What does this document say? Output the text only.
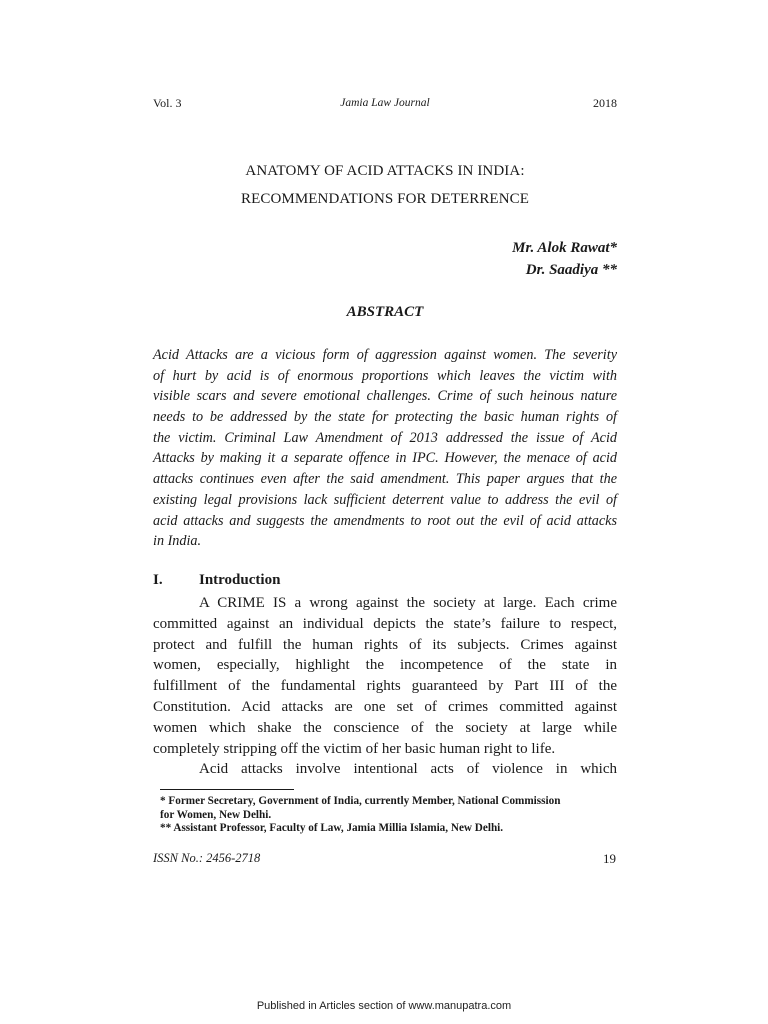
Vol. 3	Jamia Law Journal	2018
ANATOMY OF ACID ATTACKS IN INDIA:
RECOMMENDATIONS FOR DETERRENCE
Mr. Alok Rawat*
Dr. Saadiya **
ABSTRACT
Acid Attacks are a vicious form of aggression against women. The severity
of hurt by acid is of enormous proportions which leaves the victim with
visible scars and severe emotional challenges. Crime of such heinous nature
needs to be addressed by the state for protecting the basic human rights of
the victim. Criminal Law Amendment of 2013 addressed the issue of Acid
Attacks by making it a separate offence in IPC. However, the menace of acid
attacks continues even after the said amendment. This paper argues that the
existing legal provisions lack sufficient deterrent value to address the evil of
acid attacks and suggests the amendments to root out the evil of acid attacks
in India.
I. Introduction
A CRIME IS a wrong against the society at large. Each crime
committed against an individual depicts the state’s failure to respect,
protect and fulfill the human rights of its subjects. Crimes against
women, especially, highlight the incompetence of the state in
fulfillment of the fundamental rights guaranteed by Part III of the
Constitution. Acid attacks are one set of crimes committed against
women which shake the conscience of the society at large while
completely stripping off the victim of her basic human right to life.
Acid attacks involve intentional acts of violence in which
* Former Secretary, Government of India, currently Member, National Commission
for Women, New Delhi.
** Assistant Professor, Faculty of Law, Jamia Millia Islamia, New Delhi.
ISSN No.: 2456-2718	19
Published in Articles section of www.manupatra.com
